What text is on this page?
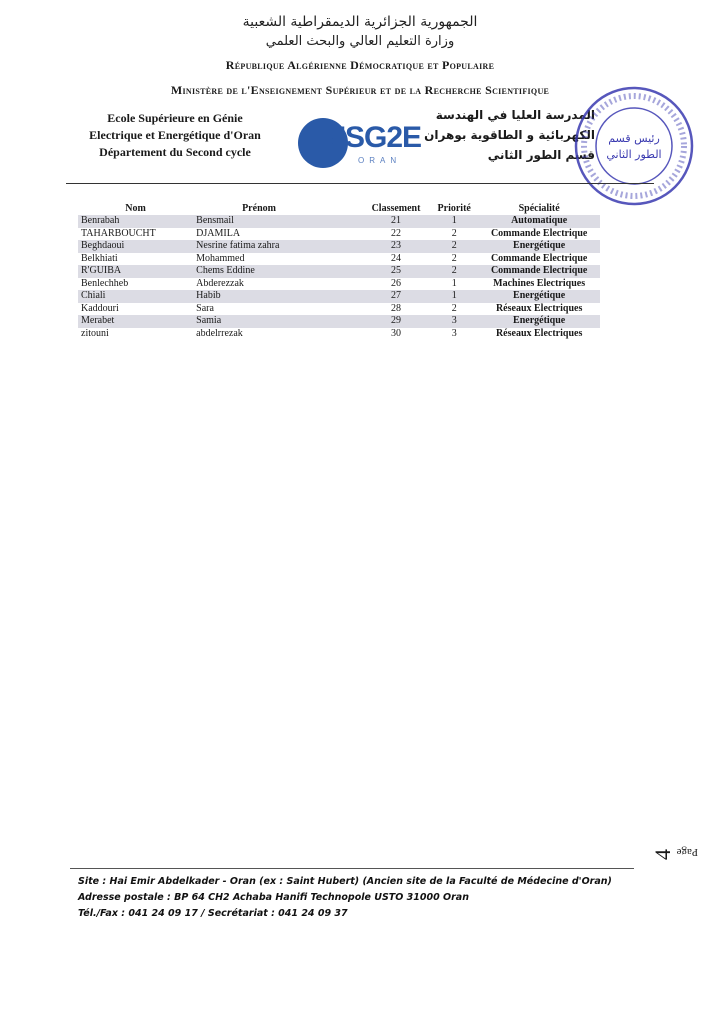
الجمهورية الجزائرية الديمقراطية الشعبية
وزارة التعليم العالي والبحث العلمي
République Algérienne Démocratique et Populaire
Ministère de l'Enseignement Supérieur et de la Recherche Scientifique
Ecole Supérieure en Génie
Electrique et Energétique d'Oran
Département du Second cycle	ESG2E
ORAN
المدرسة العليا في الهندسة
الكهربائية و الطاقوية بوهران
قسم الطور الثاني
رئيس قسم
الطور الثاني
Nom	Prénom	Classement	Priorité	Spécialité
Benrabah	Bensmail	21	1	Automatique
TAHARBOUCHT	DJAMILA	22	2	Commande Electrique
Beghdaoui	Nesrine fatima zahra	23	2	Energétique
Belkhiati	Mohammed	24	2	Commande Electrique
R'GUIBA	Chems Eddine	25	2	Commande Electrique
Benlechheb	Abderezzak	26	1	Machines Electriques
Chiali	Habib	27	1	Energétique
Kaddouri	Sara	28	2	Réseaux Electriques
Merabet	Samia	29	3	Energétique
zitouni	abdelrrezak	30	3	Réseaux Electriques
Page
4
Site : Hai Emir Abdelkader - Oran (ex : Saint Hubert) (Ancien site de la Faculté de Médecine d'Oran)
Adresse postale : BP 64 CH2 Achaba Hanifi Technopole USTO 31000 Oran
Tél./Fax : 041 24 09 17 / Secrétariat : 041 24 09 37
